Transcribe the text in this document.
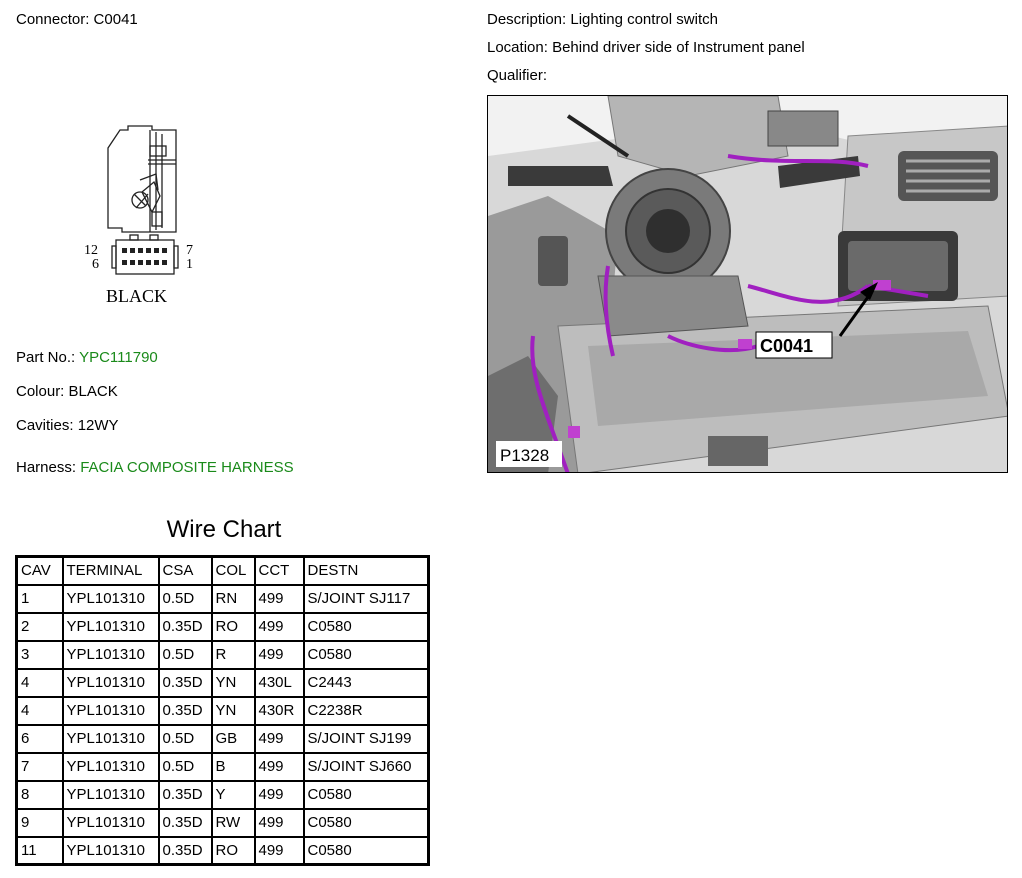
Connector: C0041	Description: Lighting control switch
Location: Behind driver side of Instrument panel
Qualifier:
12
6
7
1
BLACK
C0041
P1328
Part No.: YPC111790
Colour: BLACK
Cavities: 12WY
Harness: FACIA COMPOSITE HARNESS
Wire Chart
CAV	TERMINAL	CSA	COL	CCT	DESTN
1	YPL101310	0.5D	RN	499	S/JOINT SJ117
2	YPL101310	0.35D	RO	499	C0580
3	YPL101310	0.5D	R	499	C0580
4	YPL101310	0.35D	YN	430L	C2443
4	YPL101310	0.35D	YN	430R	C2238R
6	YPL101310	0.5D	GB	499	S/JOINT SJ199
7	YPL101310	0.5D	B	499	S/JOINT SJ660
8	YPL101310	0.35D	Y	499	C0580
9	YPL101310	0.35D	RW	499	C0580
11	YPL101310	0.35D	RO	499	C0580
